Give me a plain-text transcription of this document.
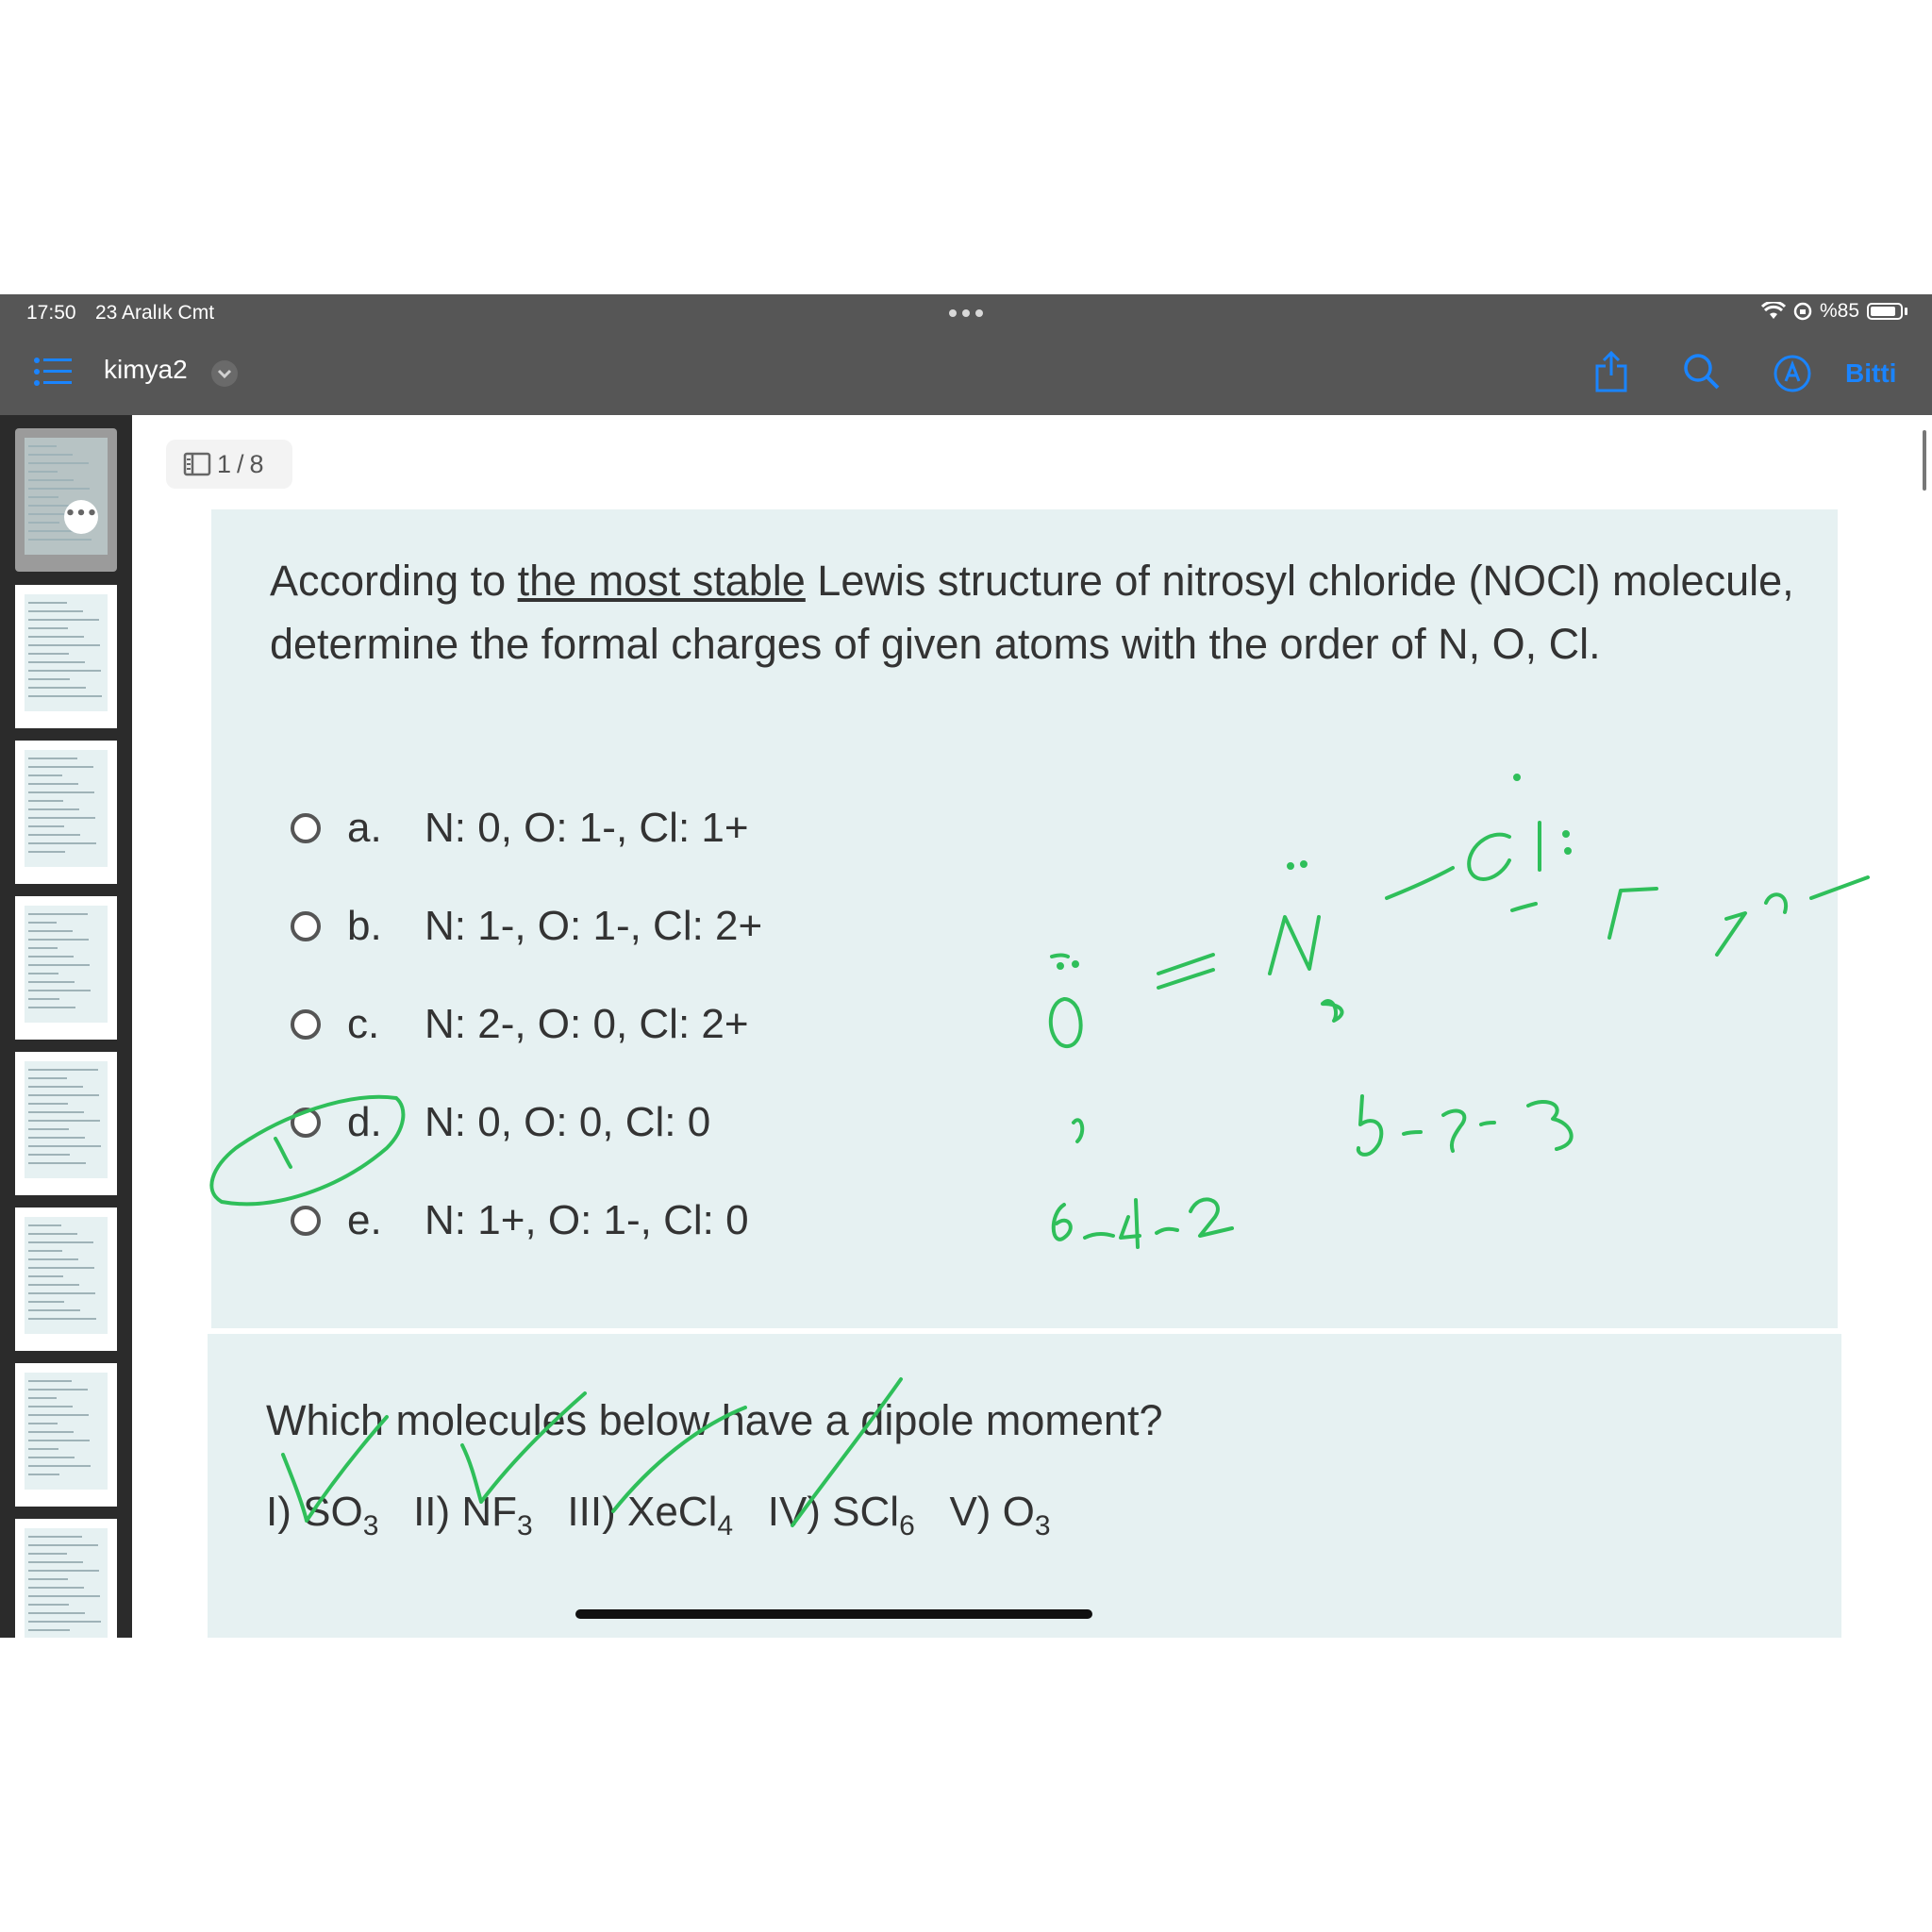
17:50 23 Aralık Cmt	%85
kimya2	Bitti
•••
1 / 8
According to the most stable Lewis structure of nitrosyl chloride (NOCl) molecule, determine the formal charges of given atoms with the order of N, O, Cl.
a. N: 0, O: 1-, Cl: 1+
b. N: 1-, O: 1-, Cl: 2+
c. N: 2-, O: 0, Cl: 2+
d. N: 0, O: 0, Cl: 0
e. N: 1+, O: 1-, Cl: 0
Which molecules below have a dipole moment?
I) $SO_3$ II) $NF_3$ III) XeCl$_4$ IV) SCl$_6$ V) $O_3$
